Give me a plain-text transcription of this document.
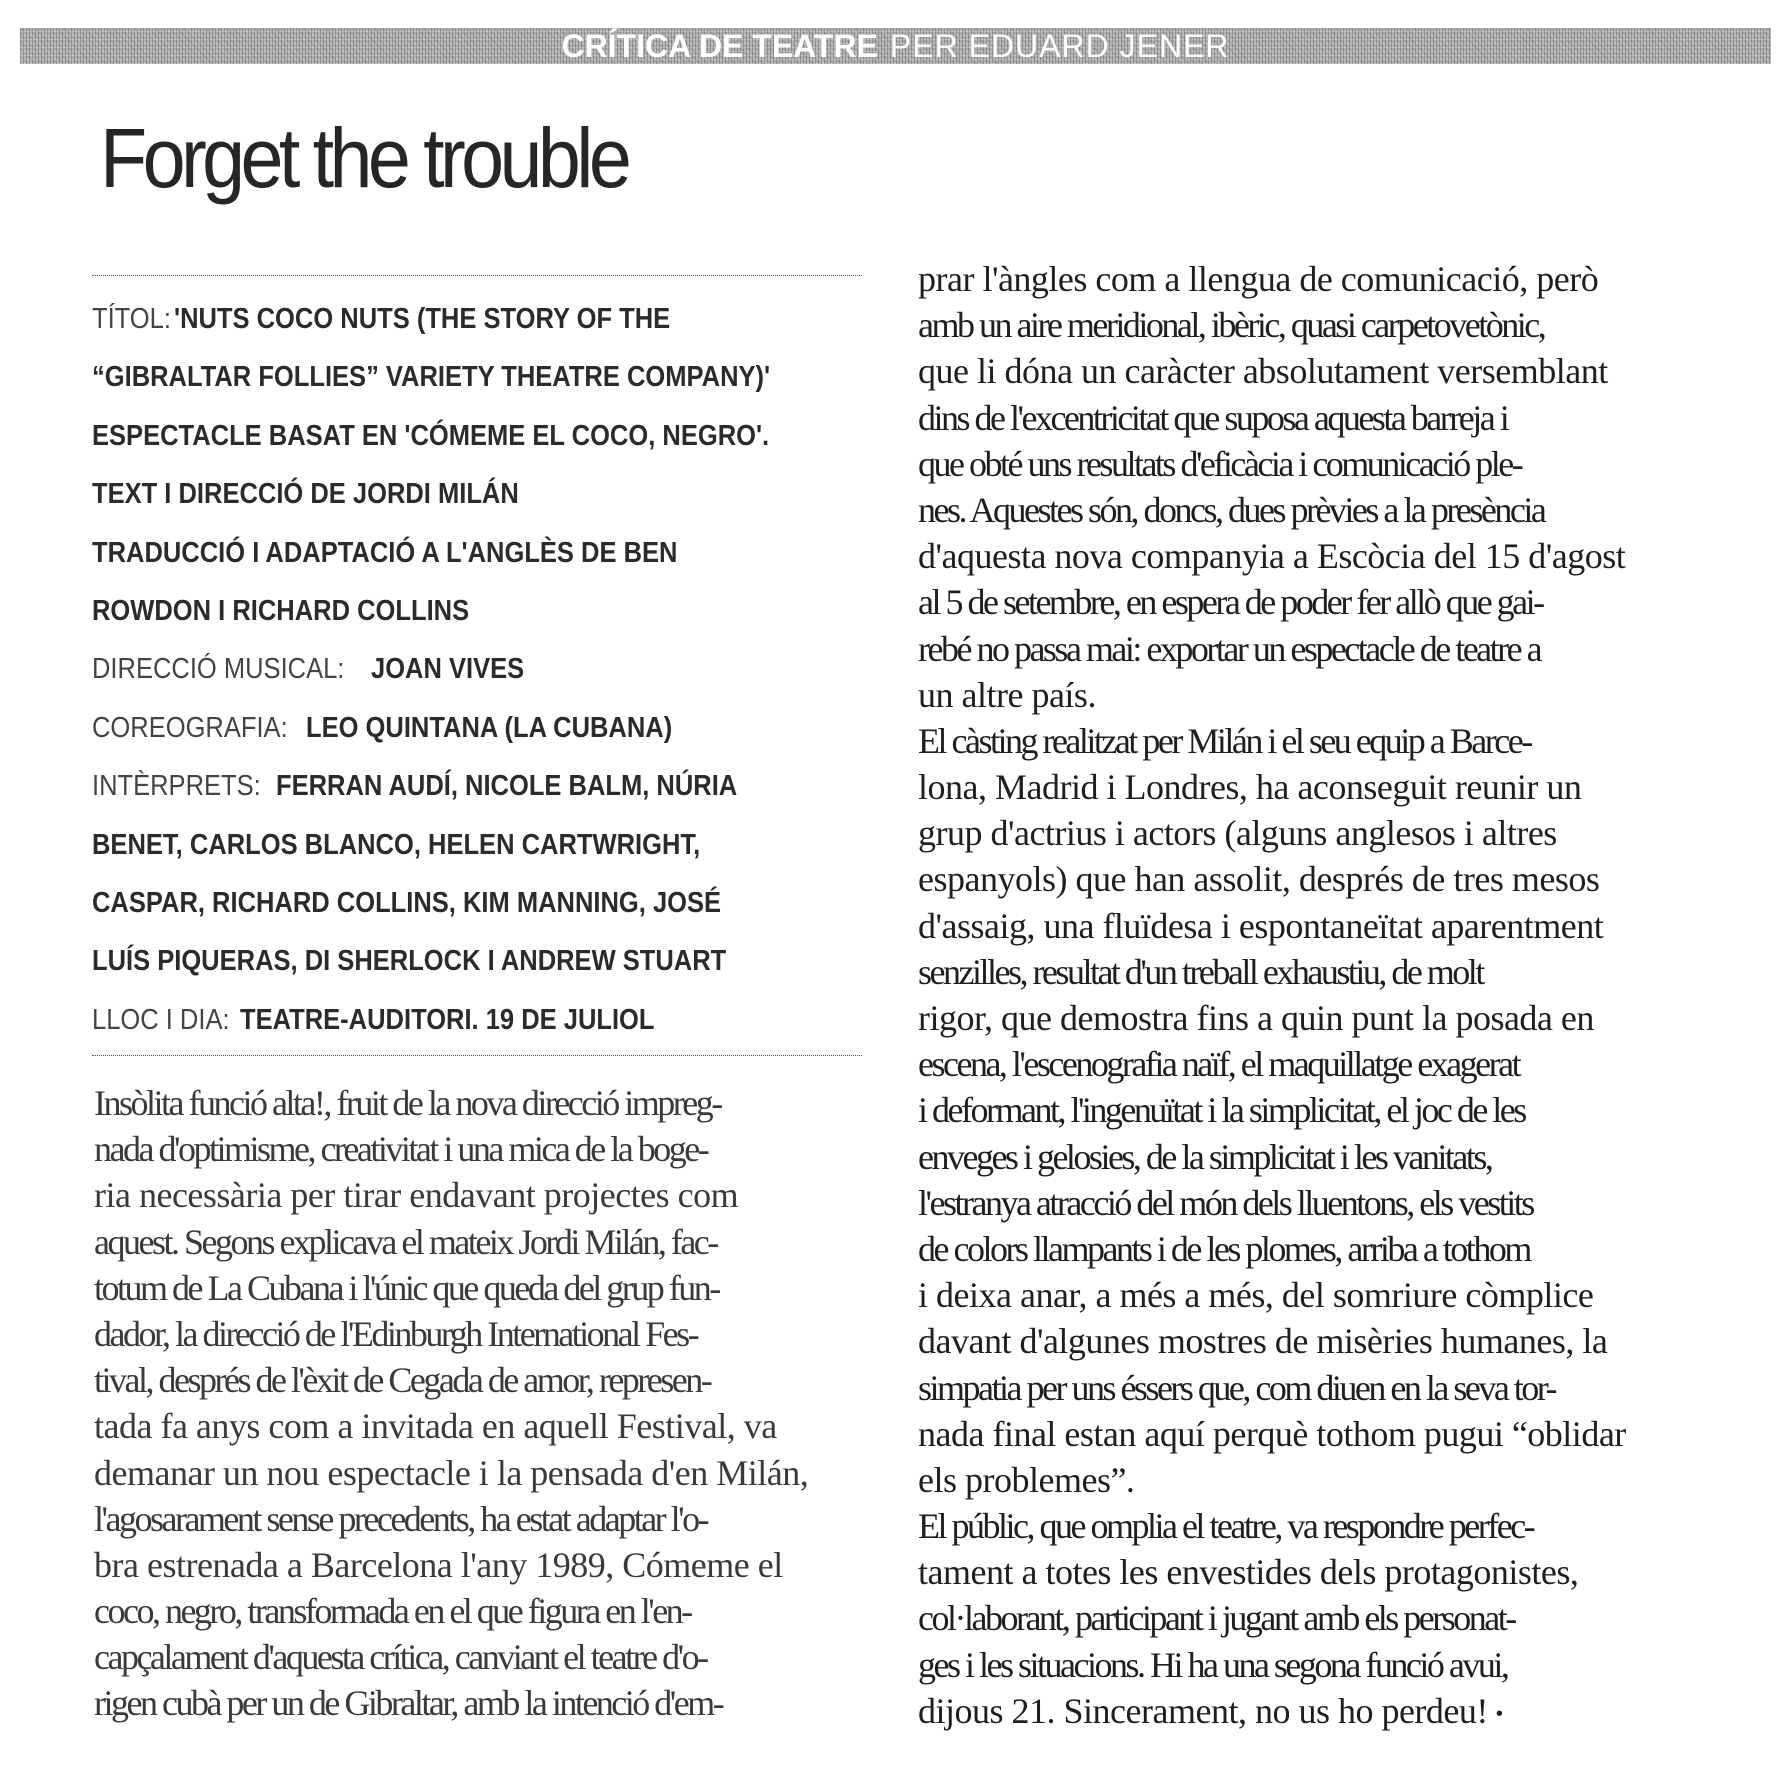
CRÍTICA DE TEATRE PER EDUARD JENER
Forget the trouble
TÍTOL:'NUTS COCO NUTS (THE STORY OF THE
“GIBRALTAR FOLLIES” VARIETY THEATRE COMPANY)'
ESPECTACLE BASAT EN 'CÓMEME EL COCO, NEGRO'.
TEXT I DIRECCIÓ DE JORDI MILÁN
TRADUCCIÓ I ADAPTACIÓ A L'ANGLÈS DE BEN
ROWDON I RICHARD COLLINS
DIRECCIÓ MUSICAL:JOAN VIVES
COREOGRAFIA:LEO QUINTANA (LA CUBANA)
INTÈRPRETS:FERRAN AUDÍ, NICOLE BALM, NÚRIA
BENET, CARLOS BLANCO, HELEN CARTWRIGHT,
CASPAR, RICHARD COLLINS, KIM MANNING, JOSÉ
LUÍS PIQUERAS, DI SHERLOCK I ANDREW STUART
LLOC I DIA:TEATRE-AUDITORI. 19 DE JULIOL
Insòlita funció alta!, fruit de la nova direcció impreg-
nada d'optimisme, creativitat i una mica de la boge-
ria necessària per tirar endavant projectes com
aquest. Segons explicava el mateix Jordi Milán, fac-
totum de La Cubana i l'únic que queda del grup fun-
dador, la direcció de l'Edinburgh International Fes-
tival, després de l'èxit de Cegada de amor, represen-
tada fa anys com a invitada en aquell Festival, va
demanar un nou espectacle i la pensada d'en Milán,
l'agosarament sense precedents, ha estat adaptar l'o-
bra estrenada a Barcelona l'any 1989, Cómeme el
coco, negro, transformada en el que figura en l'en-
capçalament d'aquesta crítica, canviant el teatre d'o-
rigen cubà per un de Gibraltar, amb la intenció d'em-
prar l'àngles com a llengua de comunicació, però
amb un aire meridional, ibèric, quasi carpetovetònic,
que li dóna un caràcter absolutament versemblant
dins de l'excentricitat que suposa aquesta barreja i
que obté uns resultats d'eficàcia i comunicació ple-
nes. Aquestes són, doncs, dues prèvies a la presència
d'aquesta nova companyia a Escòcia del 15 d'agost
al 5 de setembre, en espera de poder fer allò que gai-
rebé no passa mai: exportar un espectacle de teatre a
un altre país.
El càsting realitzat per Milán i el seu equip a Barce-
lona, Madrid i Londres, ha aconseguit reunir un
grup d'actrius i actors (alguns anglesos i altres
espanyols) que han assolit, després de tres mesos
d'assaig, una fluïdesa i espontaneïtat aparentment
senzilles, resultat d'un treball exhaustiu, de molt
rigor, que demostra fins a quin punt la posada en
escena, l'escenografia naïf, el maquillatge exagerat
i deformant, l'ingenuïtat i la simplicitat, el joc de les
enveges i gelosies, de la simplicitat i les vanitats,
l'estranya atracció del món dels lluentons, els vestits
de colors llampants i de les plomes, arriba a tothom
i deixa anar, a més a més, del somriure còmplice
davant d'algunes mostres de misèries humanes, la
simpatia per uns éssers que, com diuen en la seva tor-
nada final estan aquí perquè tothom pugui “oblidar
els problemes”.
El públic, que omplia el teatre, va respondre perfec-
tament a totes les envestides dels protagonistes,
col·laborant, participant i jugant amb els personat-
ges i les situacions. Hi ha una segona funció avui,
dijous 21. Sincerament, no us ho perdeu! •
